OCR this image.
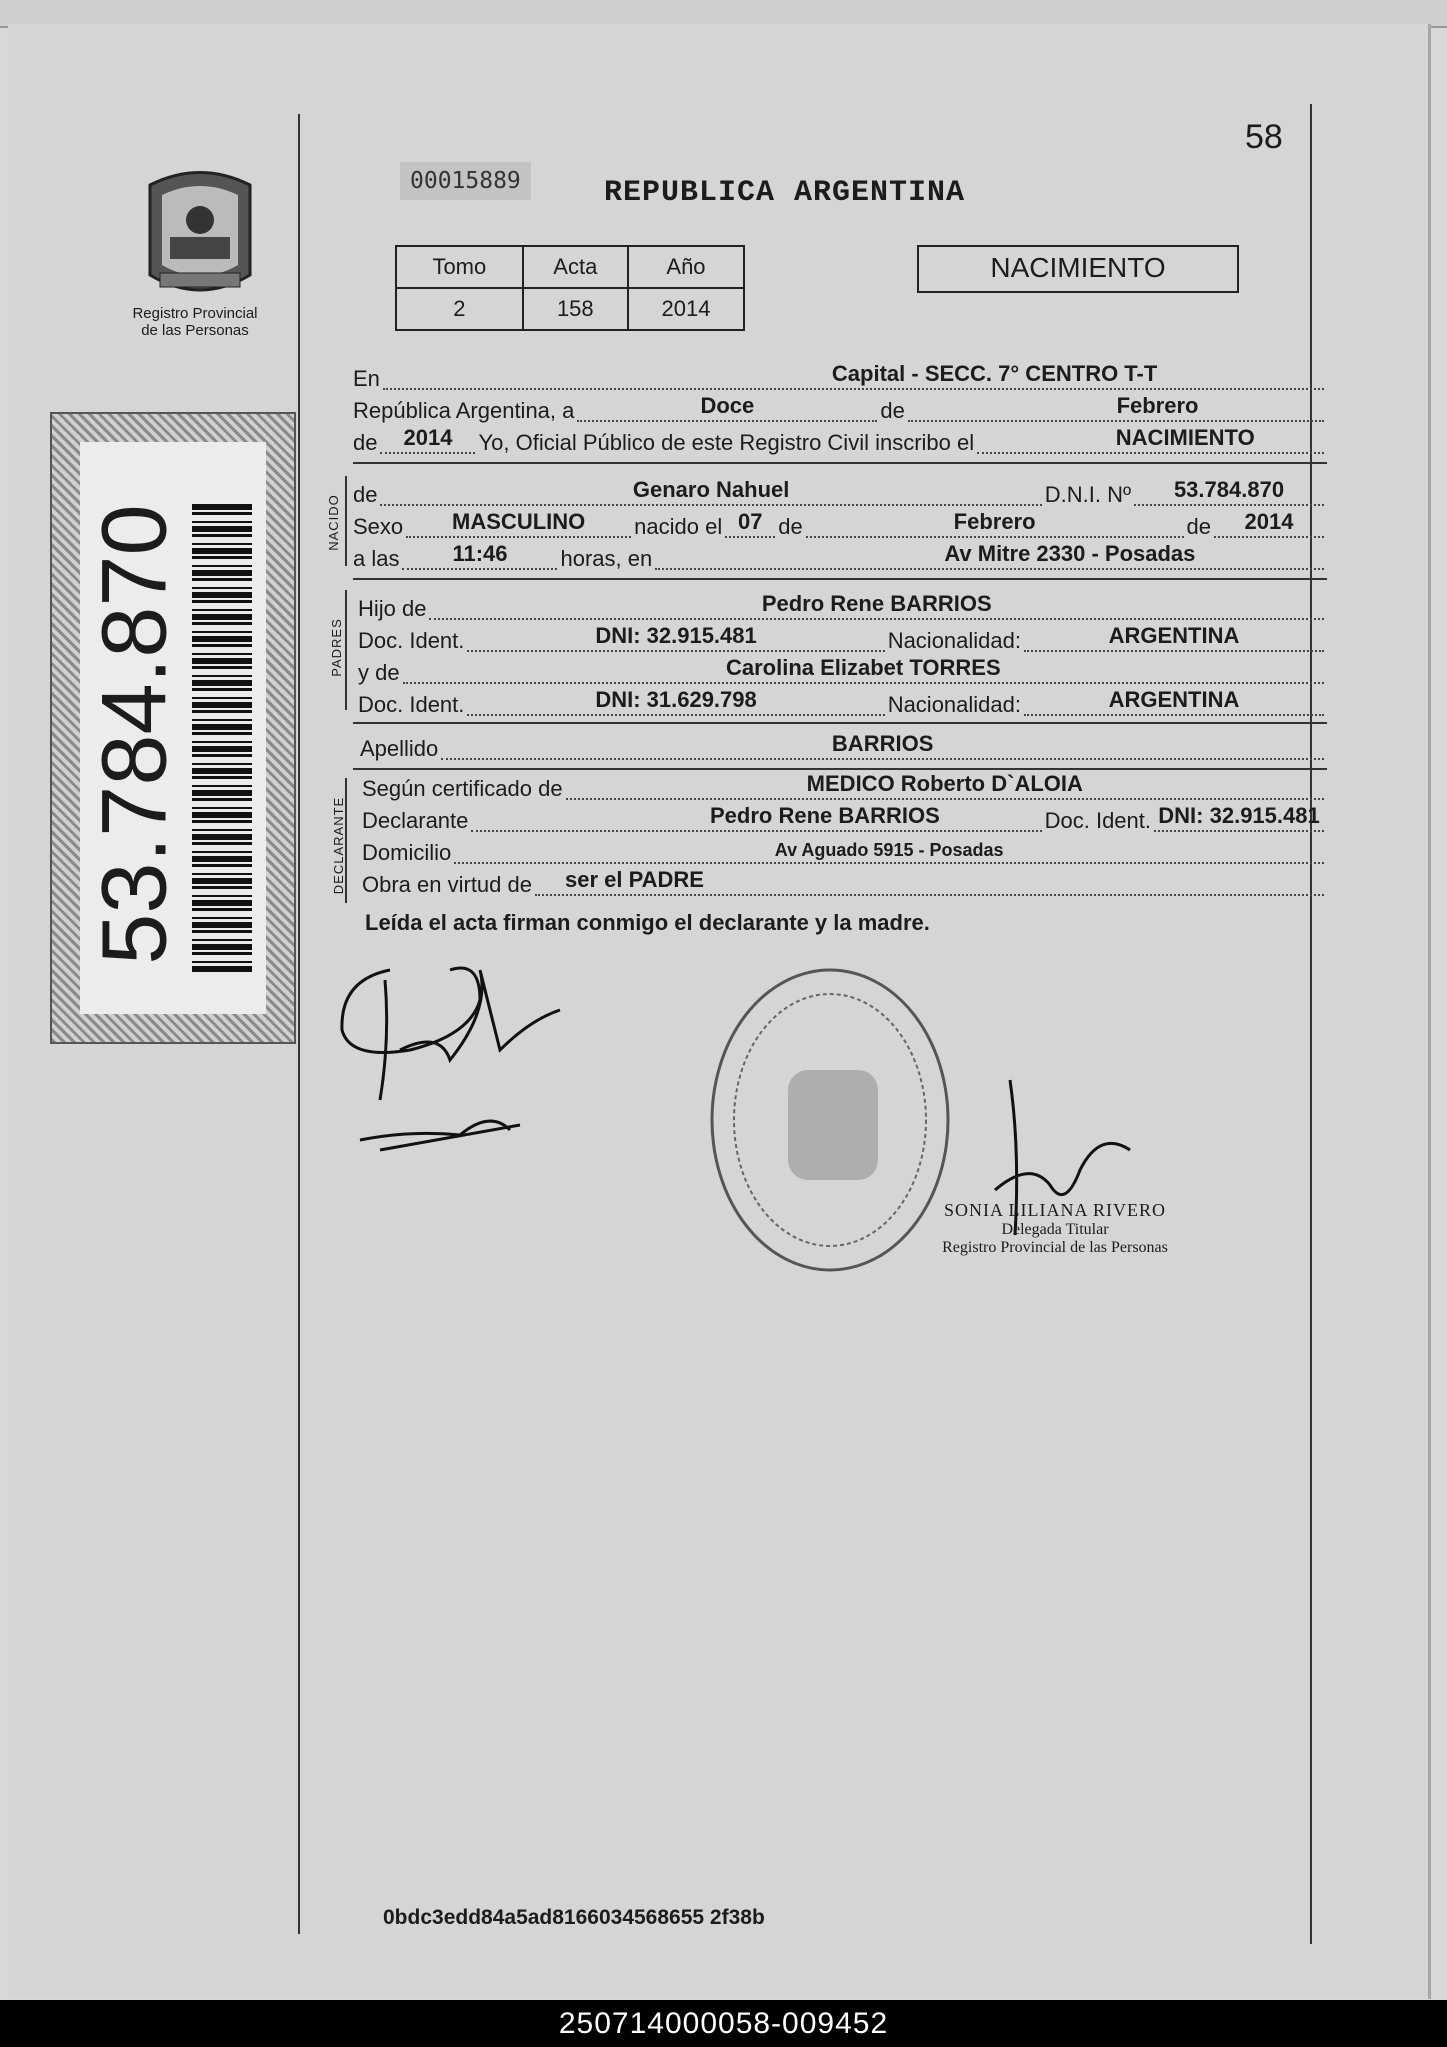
Registro Provincial
de las Personas
53.784.870
58
00015889	REPUBLICA ARGENTINA
Tomo	Acta	Año
2	158	2014
NACIMIENTO
En	Capital - SECC. 7° CENTRO T-T
República Argentina, a	Doce	de	Febrero
de 2014 Yo, Oficial Público de este Registro Civil inscribo el	NACIMIENTO
NACIDO de	Genaro Nahuel	D.N.I. Nº 53.784.870
Sexo MASCULINO nacido el 07 de	Febrero	de 2014
a las 11:46 horas, en	Av Mitre 2330 - Posadas
PADRES
Hijo de	Pedro Rene BARRIOS
Doc. Ident.	DNI: 32.915.481	Nacionalidad:	ARGENTINA
y de	Carolina Elizabet TORRES
Doc. Ident.	DNI: 31.629.798	Nacionalidad:	ARGENTINA
Apellido	BARRIOS
DECLARANTE
Según certificado de	MEDICO Roberto D`ALOIA
Declarante	Pedro Rene BARRIOS	Doc. Ident. DNI: 32.915.481
Domicilio	Av Aguado 5915 - Posadas
Obra en virtud de ser el PADRE
Leída el acta firman conmigo el declarante y la madre.
SONIA LILIANA RIVERO
Delegada Titular
Registro Provincial de las Personas
0bdc3edd84a5ad8166034568655 2f38b
250714000058-009452
